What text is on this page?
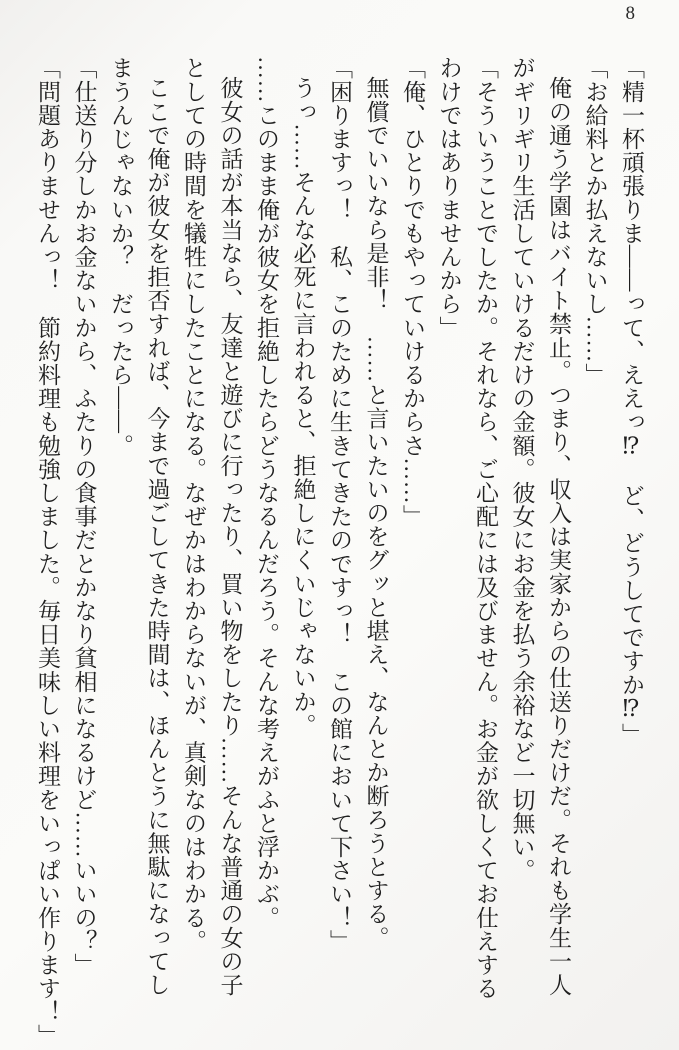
8

「精一杯頑張りま――って、ええっ⁉　ど、どうしてですか⁉」

「お給料とか払えないし……」

俺の通う学園はバイト禁止。つまり、収入は実家からの仕送りだけだ。それも学生一人

がギリギリ生活していけるだけの金額。彼女にお金を払う余裕など一切無い。

「そういうことでしたか。それなら、ご心配には及びません。お金が欲しくてお仕えする

わけではありませんから」

「俺、ひとりでもやっていけるからさ……」

無償でいいなら是非！　……と言いたいのをグッと堪え、なんとか断ろうとする。

「困りますっ！　私、このために生きてきたのですっ！　この館において下さい！」

うっ……そんな必死に言われると、拒絶しにくいじゃないか。

……このまま俺が彼女を拒絶したらどうなるんだろう。そんな考えがふと浮かぶ。

彼女の話が本当なら、友達と遊びに行ったり、買い物をしたり……そんな普通の女の子

としての時間を犠牲にしたことになる。なぜかはわからないが、真剣なのはわかる。

ここで俺が彼女を拒否すれば、今まで過ごしてきた時間は、ほんとうに無駄になってし

まうんじゃないか？　だったら――。

「仕送り分しかお金ないから、ふたりの食事だとかなり貧相になるけど……いいの？」

「問題ありませんっ！　節約料理も勉強しました。毎日美味しい料理をいっぱい作ります！」
